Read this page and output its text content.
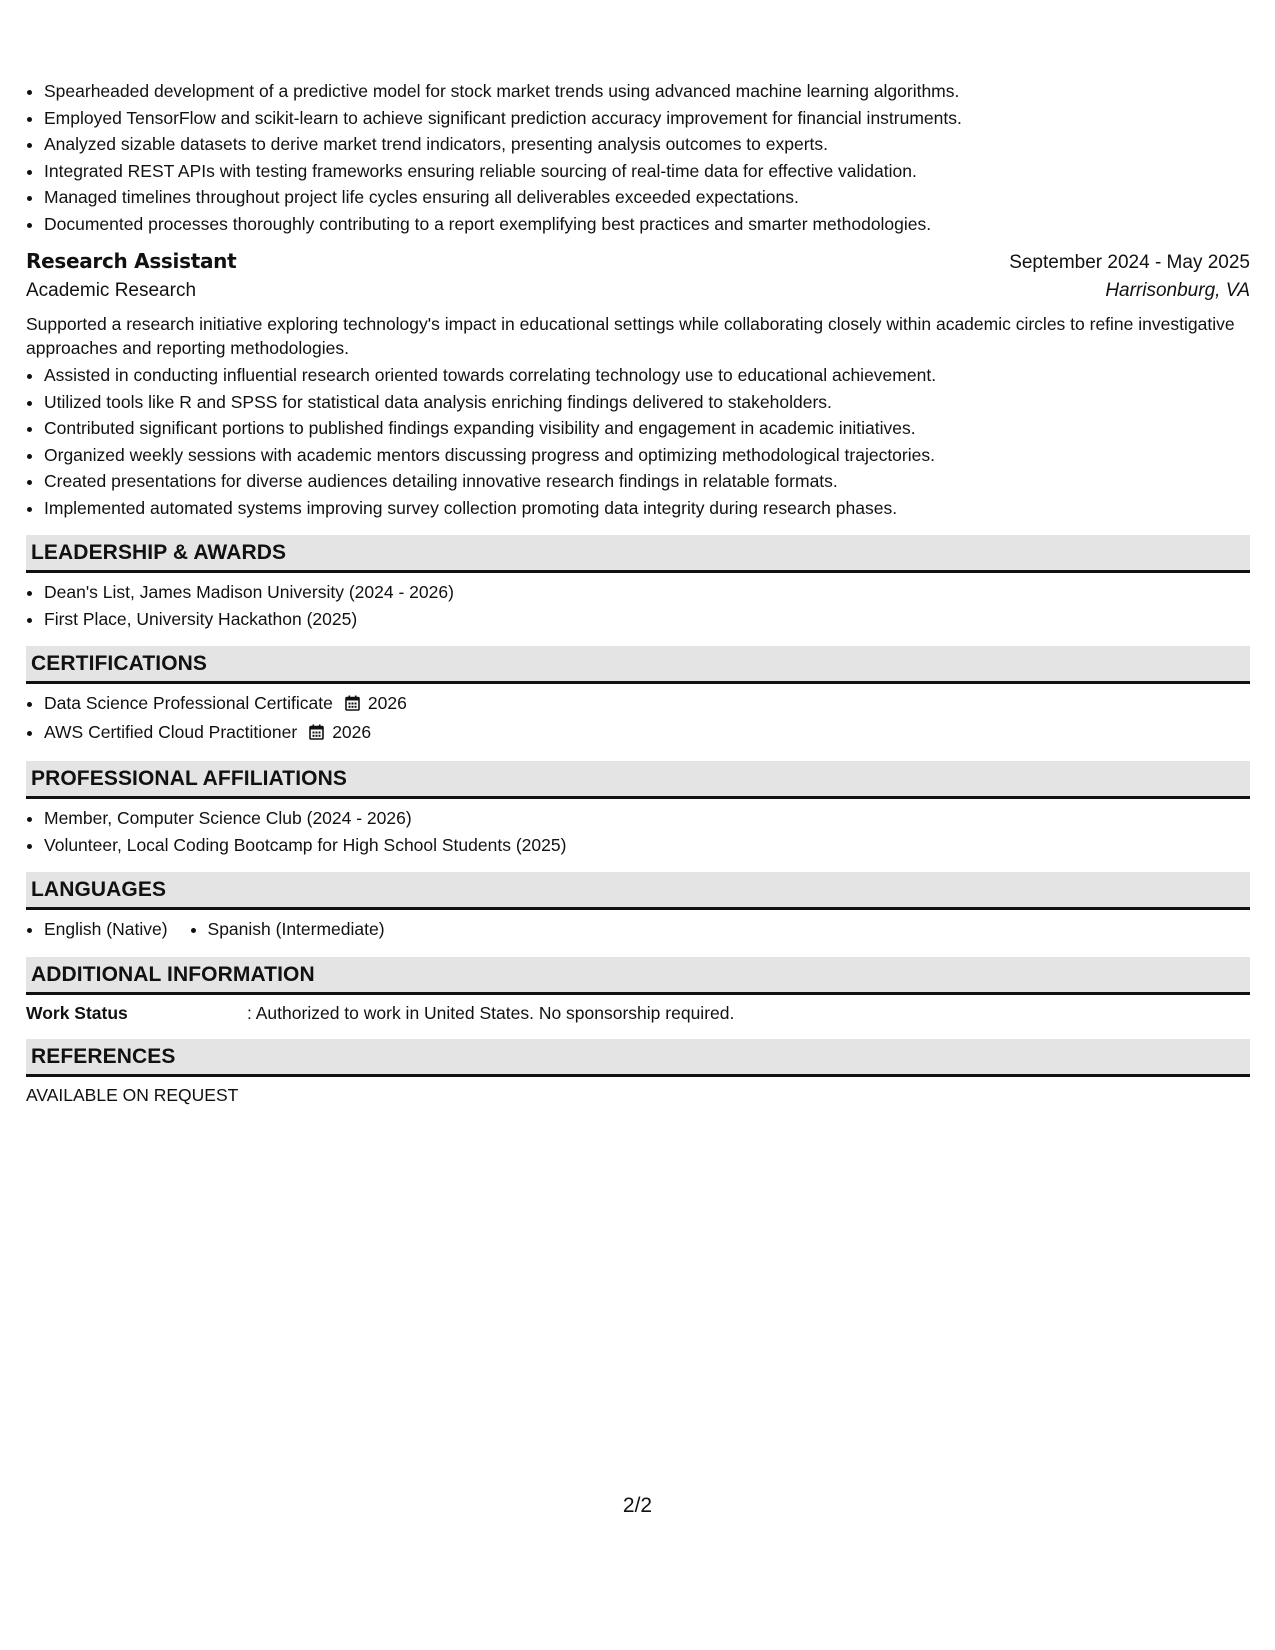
• Spearheaded development of a predictive model for stock market trends using advanced machine learning algorithms.
• Employed TensorFlow and scikit-learn to achieve significant prediction accuracy improvement for financial instruments.
• Analyzed sizable datasets to derive market trend indicators, presenting analysis outcomes to experts.
• Integrated REST APIs with testing frameworks ensuring reliable sourcing of real-time data for effective validation.
• Managed timelines throughout project life cycles ensuring all deliverables exceeded expectations.
• Documented processes thoroughly contributing to a report exemplifying best practices and smarter methodologies.
Research Assistant	September 2024 - May 2025
Academic Research	Harrisonburg, VA
Supported a research initiative exploring technology's impact in educational settings while collaborating closely within academic circles to refine investigative approaches and reporting methodologies.
• Assisted in conducting influential research oriented towards correlating technology use to educational achievement.
• Utilized tools like R and SPSS for statistical data analysis enriching findings delivered to stakeholders.
• Contributed significant portions to published findings expanding visibility and engagement in academic initiatives.
• Organized weekly sessions with academic mentors discussing progress and optimizing methodological trajectories.
• Created presentations for diverse audiences detailing innovative research findings in relatable formats.
• Implemented automated systems improving survey collection promoting data integrity during research phases.
LEADERSHIP & AWARDS
• Dean's List, James Madison University (2024 - 2026)
• First Place, University Hackathon (2025)
CERTIFICATIONS
• Data Science Professional Certificate 2026
• AWS Certified Cloud Practitioner 2026
PROFESSIONAL AFFILIATIONS
• Member, Computer Science Club (2024 - 2026)
• Volunteer, Local Coding Bootcamp for High School Students (2025)
LANGUAGES
• English (Native)
• Spanish (Intermediate)
ADDITIONAL INFORMATION
Work Status	: Authorized to work in United States. No sponsorship required.
REFERENCES
AVAILABLE ON REQUEST
2/2
